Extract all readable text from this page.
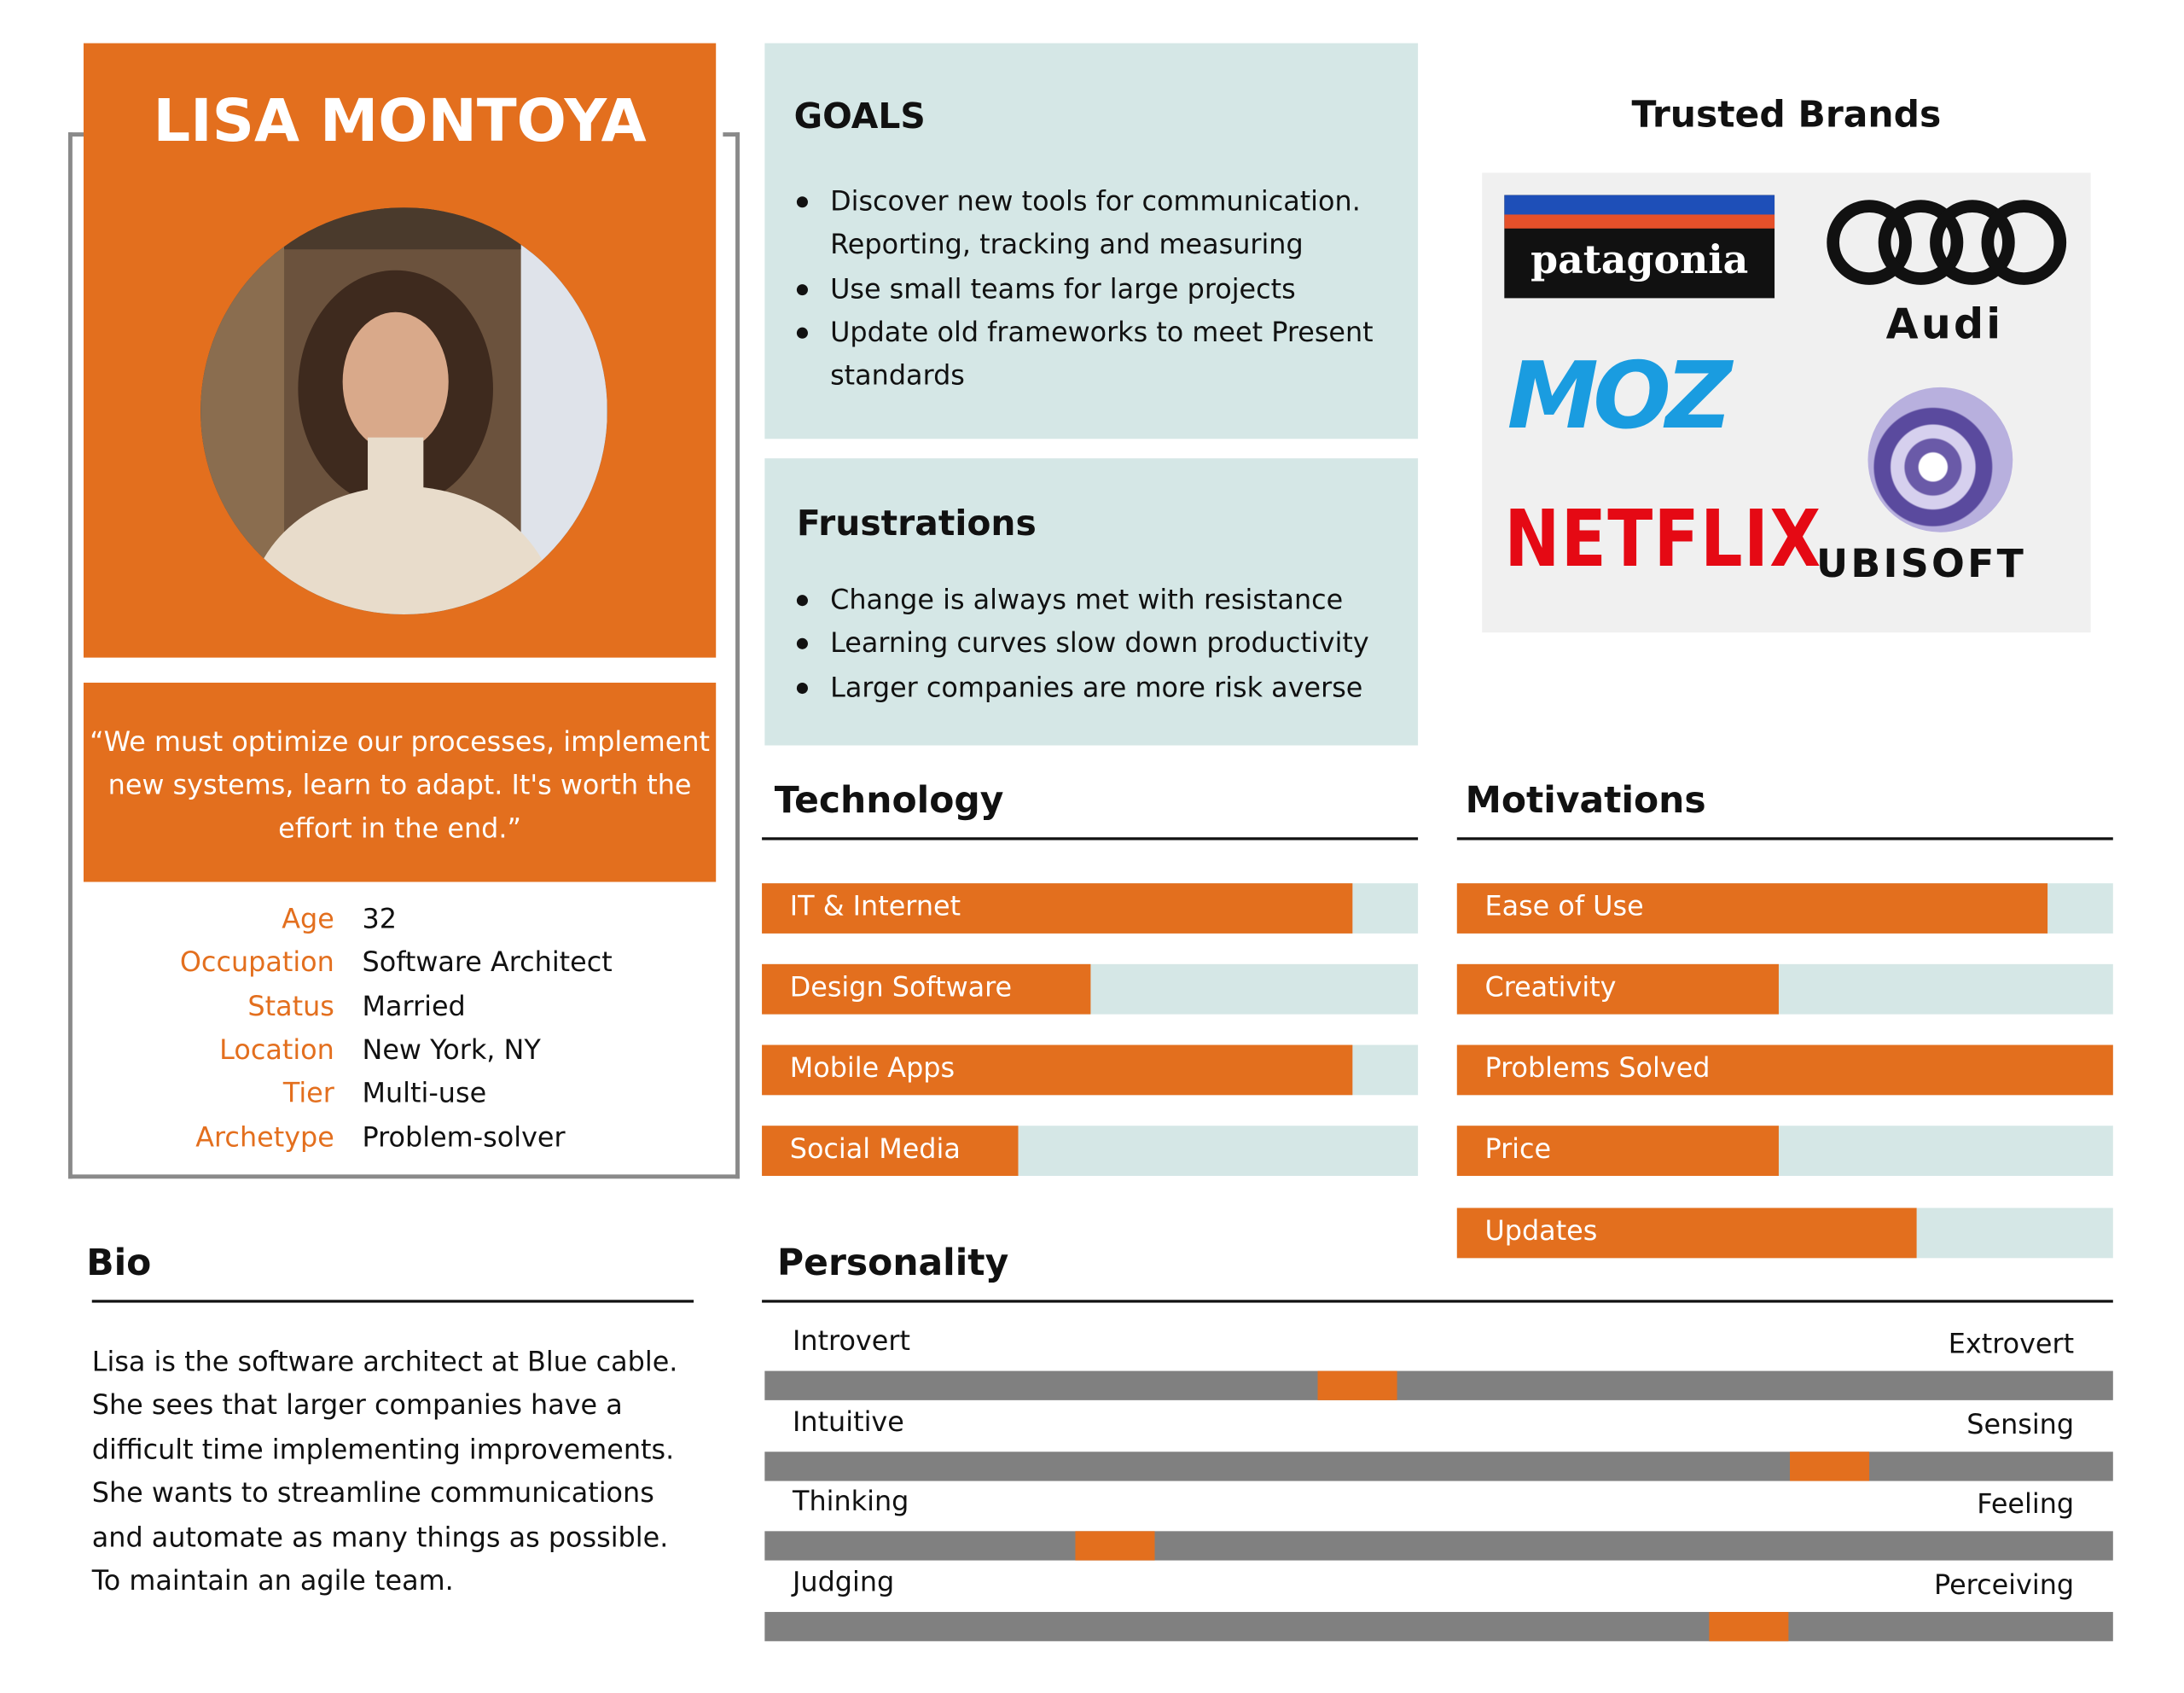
LISA MONTOYA
“We must optimize our processes, implement new systems, learn to adapt. It's worth the effort in the end.”
Age 32
Occupation Software Architect
Status Married
Location New York, NY
Tier Multi-use
Archetype Problem-solver
GOALS
Discover new tools for communication. Reporting, tracking and measuring
Use small teams for large projects
Update old frameworks to meet Present standards
Frustrations
Change is always met with resistance
Learning curves slow down productivity
Larger companies are more risk averse
Trusted Brands
patagonia
Audi
MOZ
NETFLIX
UBISOFT
Technology
IT & Internet
Design Software
Mobile Apps
Social Media
Motivations
Ease of Use
Creativity
Problems Solved
Price
Updates
Bio
Lisa is the software architect at Blue cable. She sees that larger companies have a difficult time implementing improvements. She wants to streamline communications and automate as many things as possible. To maintain an agile team.
Personality
Introvert	Extrovert
Intuitive	Sensing
Thinking	Feeling
Judging	Perceiving
